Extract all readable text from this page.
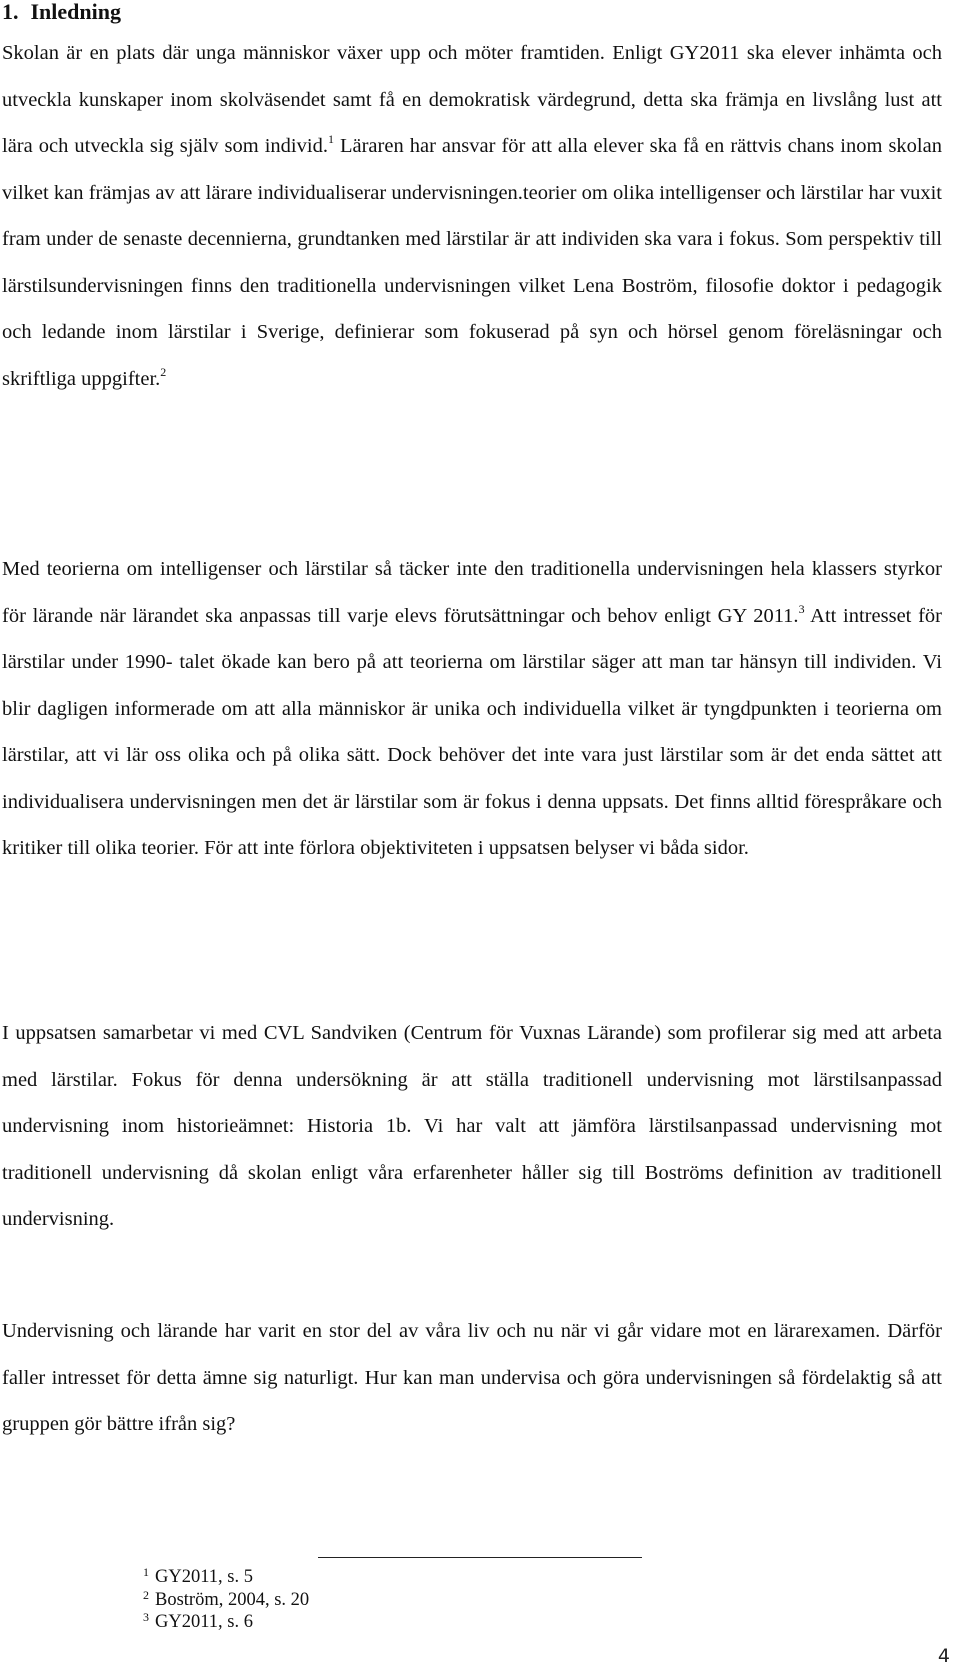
1. Inledning

Skolan är en plats där unga människor växer upp och möter framtiden. Enligt GY2011 ska elever inhämta och utveckla kunskaper inom skolväsendet samt få en demokratisk värdegrund, detta ska främja en livslång lust att lära och utveckla sig själv som individ.$^1$ Läraren har ansvar för att alla elever ska få en rättvis chans inom skolan vilket kan främjas av att lärare individualiserar undervisningen.teorier om olika intelligenser och lärstilar har vuxit fram under de senaste decennierna, grundtanken med lärstilar är att individen ska vara i fokus. Som perspektiv till lärstilsundervisningen finns den traditionella undervisningen vilket Lena Boström, filosofie doktor i pedagogik och ledande inom lärstilar i Sverige, definierar som fokuserad på syn och hörsel genom föreläsningar och skriftliga uppgifter.$^2$

Med teorierna om intelligenser och lärstilar så täcker inte den traditionella undervisningen hela klassers styrkor för lärande när lärandet ska anpassas till varje elevs förutsättningar och behov enligt GY 2011.$^3$ Att intresset för lärstilar under 1990- talet ökade kan bero på att teorierna om lärstilar säger att man tar hänsyn till individen. Vi blir dagligen informerade om att alla människor är unika och individuella vilket är tyngdpunkten i teorierna om lärstilar, att vi lär oss olika och på olika sätt. Dock behöver det inte vara just lärstilar som är det enda sättet att individualisera undervisningen men det är lärstilar som är fokus i denna uppsats. Det finns alltid förespråkare och kritiker till olika teorier. För att inte förlora objektiviteten i uppsatsen belyser vi båda sidor.

I uppsatsen samarbetar vi med CVL Sandviken (Centrum för Vuxnas Lärande) som profilerar sig med att arbeta med lärstilar. Fokus för denna undersökning är att ställa traditionell undervisning mot lärstilsanpassad undervisning inom historieämnet: Historia 1b. Vi har valt att jämföra lärstilsanpassad undervisning mot traditionell undervisning då skolan enligt våra erfarenheter håller sig till Boströms definition av traditionell undervisning.

Undervisning och lärande har varit en stor del av våra liv och nu när vi går vidare mot en lärarexamen. Därför faller intresset för detta ämne sig naturligt. Hur kan man undervisa och göra undervisningen så fördelaktig så att gruppen gör bättre ifrån sig?

$^1$ GY2011, s. 5
$^2$ Boström, 2004, s. 20
$^3$ GY2011, s. 6
4
